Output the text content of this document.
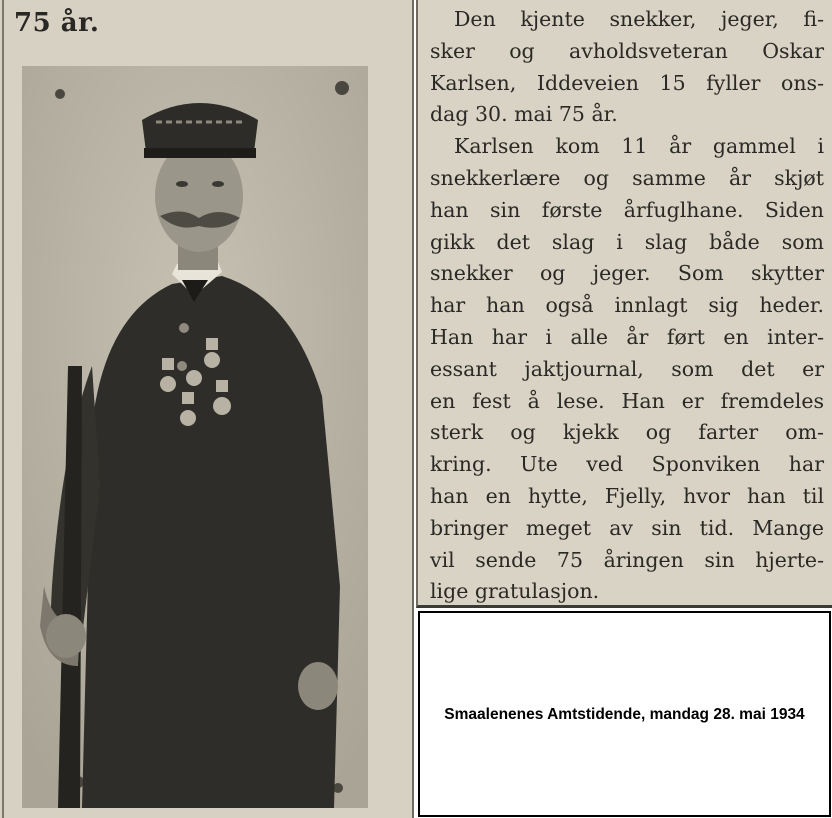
75 år.	Den kjente snekker, jeger, fi-
sker og avholdsveteran Oskar
Karlsen, Iddeveien 15 fyller ons-
dag 30. mai 75 år.
Karlsen kom 11 år gammel i
snekkerlære og samme år skjøt
han sin første årfuglhane. Siden
gikk det slag i slag både som
snekker og jeger. Som skytter
har han også innlagt sig heder.
Han har i alle år ført en inter-
essant jaktjournal, som det er
en fest å lese. Han er fremdeles
sterk og kjekk og farter om-
kring. Ute ved Sponviken har
han en hytte, Fjelly, hvor han til
bringer meget av sin tid. Mange
vil sende 75 åringen sin hjerte-
lige gratulasjon.
Smaalenenes Amtstidende, mandag 28. mai 1934
